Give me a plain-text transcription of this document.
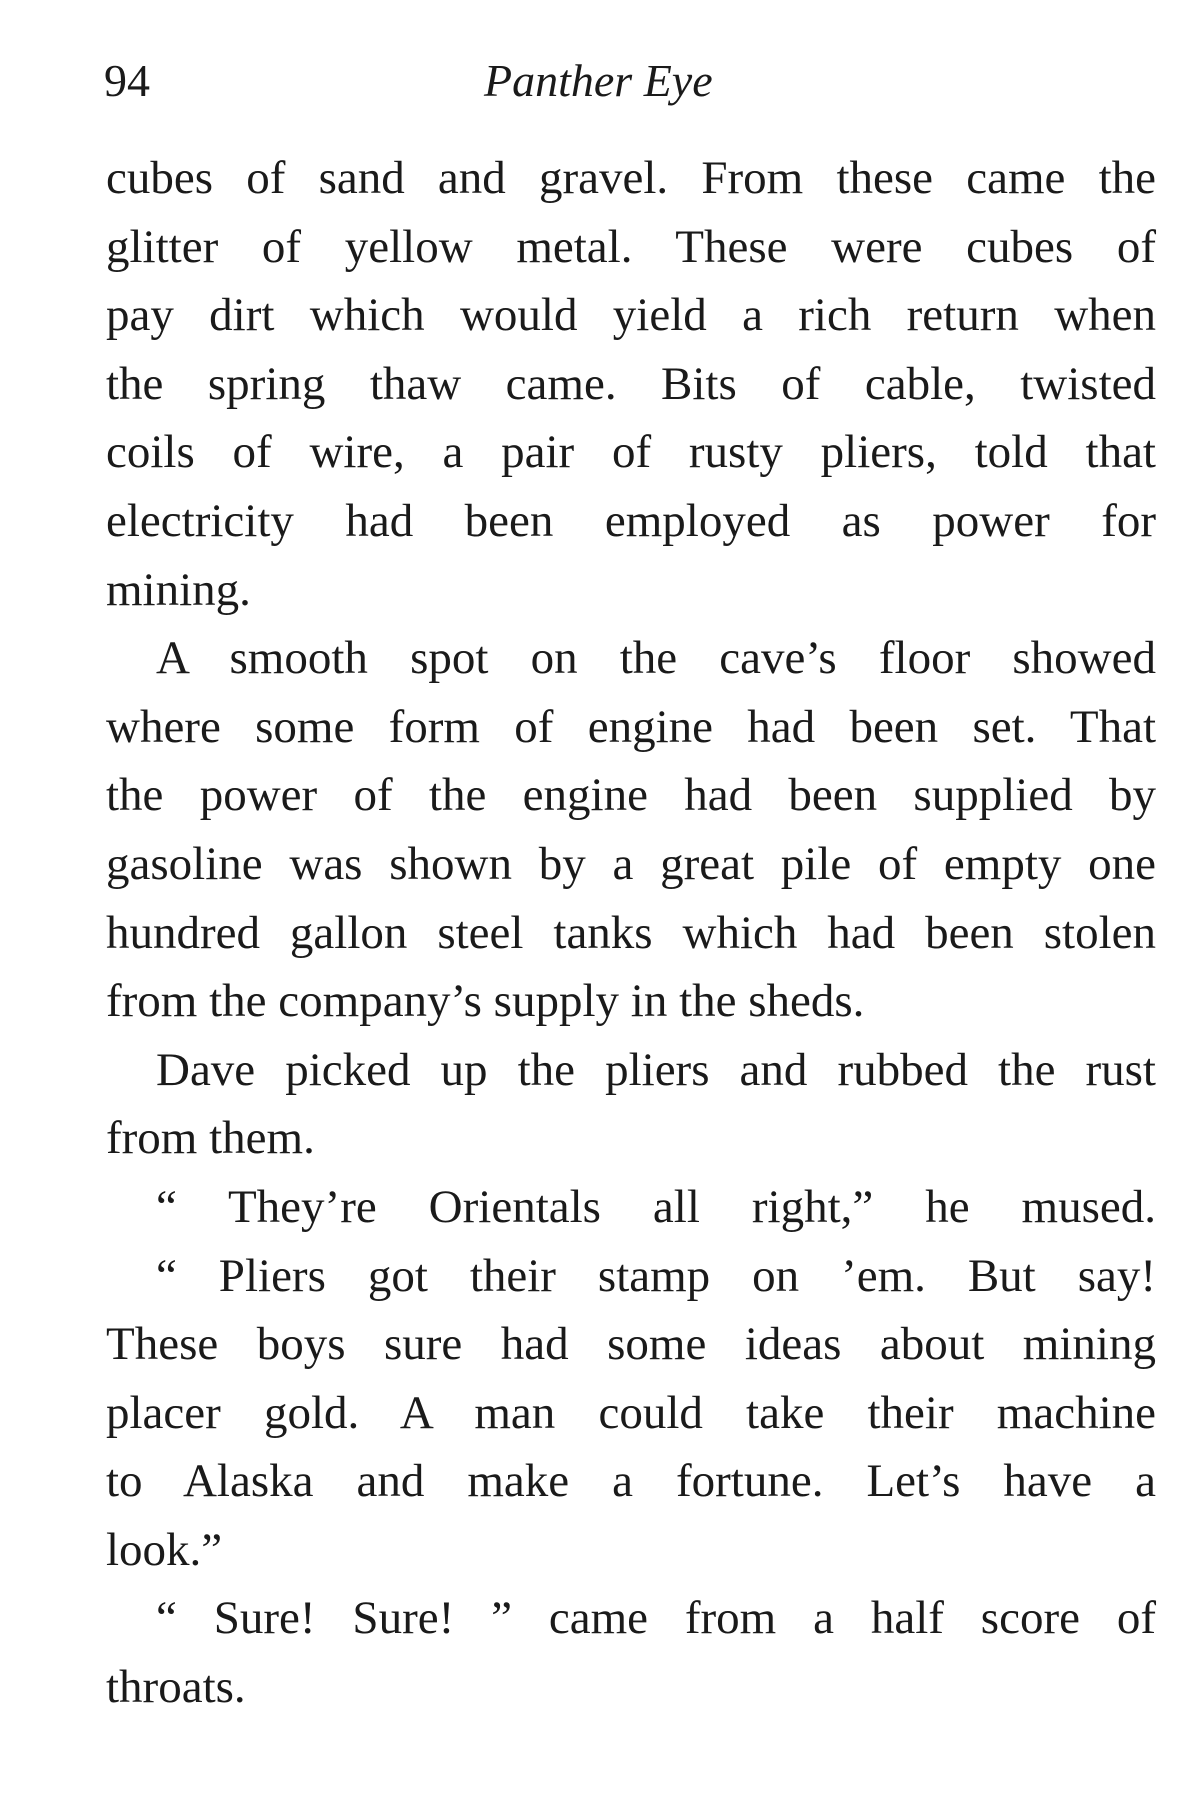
94	Panther Eye
cubes of sand and gravel. From these came the
glitter of yellow metal. These were cubes of
pay dirt which would yield a rich return when
the spring thaw came. Bits of cable, twisted
coils of wire, a pair of rusty pliers, told that
electricity had been employed as power for
mining.
A smooth spot on the cave’s floor showed
where some form of engine had been set. That
the power of the engine had been supplied by
gasoline was shown by a great pile of empty one
hundred gallon steel tanks which had been stolen
from the company’s supply in the sheds.
Dave picked up the pliers and rubbed the rust
from them.
“ They’re Orientals all right,” he mused.
“ Pliers got their stamp on ’em. But say!
These boys sure had some ideas about mining
placer gold. A man could take their machine
to Alaska and make a fortune. Let’s have a
look.”
“ Sure! Sure! ” came from a half score of
throats.
